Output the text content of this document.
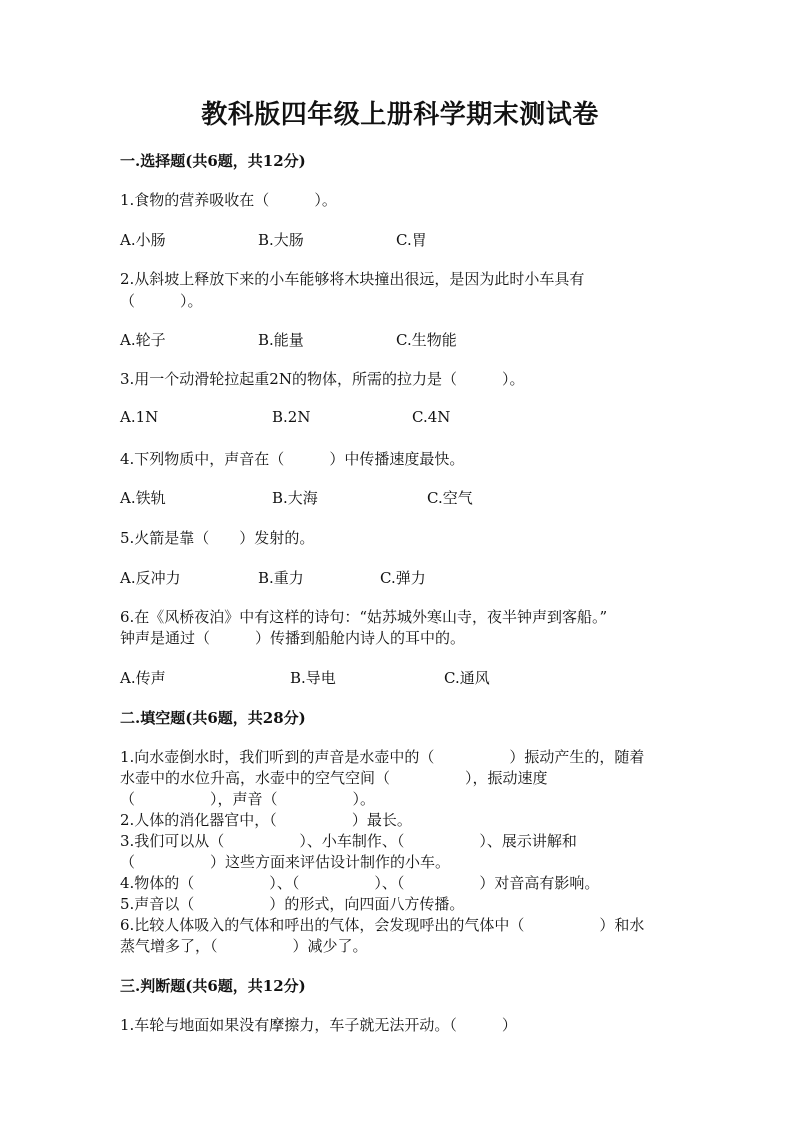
教科版四年级上册科学期末测试卷
一.选择题(共6题，共12分)
1.食物的营养吸收在（　　　）。
A.小肠	B.大肠	C.胃
2.从斜坡上释放下来的小车能够将木块撞出很远，是因为此时小车具有
（　　　）。
A.轮子	B.能量	C.生物能
3.用一个动滑轮拉起重2N的物体，所需的拉力是（　　　）。
A.1N	B.2N	C.4N
4.下列物质中，声音在（　　　）中传播速度最快。
A.铁轨	B.大海	C.空气
5.火箭是靠（　　）发射的。
A.反冲力	B.重力	C.弹力
6.在《风桥夜泊》中有这样的诗句：“姑苏城外寒山寺，夜半钟声到客船。”
钟声是通过（　　　）传播到船舱内诗人的耳中的。
A.传声	B.导电	C.通风
二.填空题(共6题，共28分)
1.向水壶倒水时，我们听到的声音是水壶中的（　　　　　）振动产生的，随着
水壶中的水位升高，水壶中的空气空间（　　　　　），振动速度
（　　　　　），声音（　　　　　）。
2.人体的消化器官中，（　　　　　）最长。
3.我们可以从（　　　　　）、小车制作、（　　　　　）、展示讲解和
（　　　　　）这些方面来评估设计制作的小车。
4.物体的（　　　　　）、（　　　　　）、（　　　　　）对音高有影响。
5.声音以（　　　　　）的形式，向四面八方传播。
6.比较人体吸入的气体和呼出的气体，会发现呼出的气体中（　　　　　）和水
蒸气增多了，（　　　　　）减少了。
三.判断题(共6题，共12分)
1.车轮与地面如果没有摩擦力，车子就无法开动。（　　　）
